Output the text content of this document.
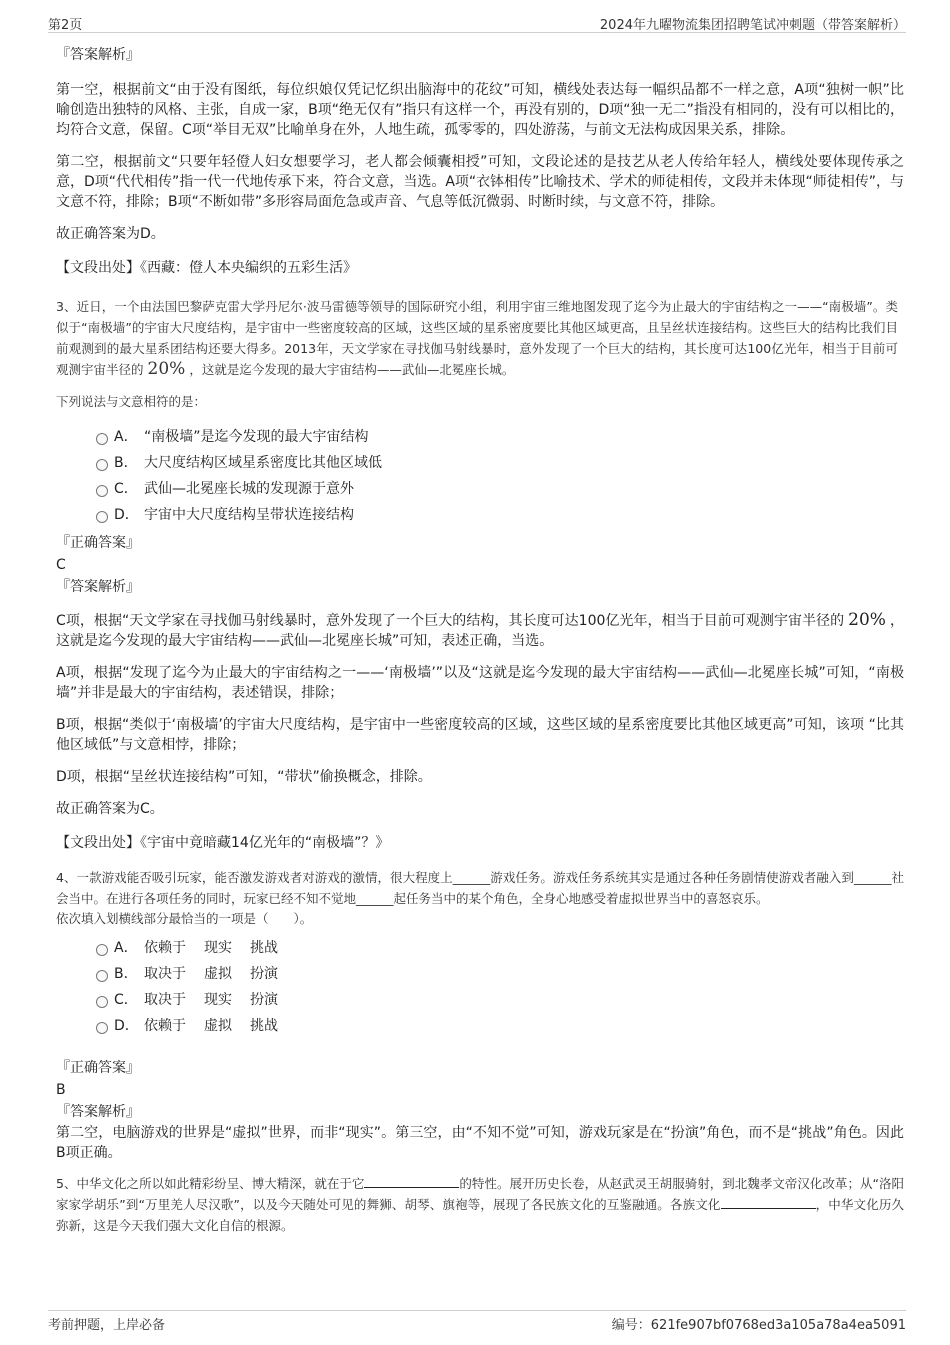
第2页	2024年九曜物流集团招聘笔试冲刺题（带答案解析）

『答案解析』

第一空，根据前文“由于没有图纸，每位织娘仅凭记忆织出脑海中的花纹”可知，横线处表达每一幅织品都不一样之意，A项“独树一帜”比喻创造出独特的风格、主张，自成一家，B项“绝无仅有”指只有这样一个，再没有别的，D项“独一无二”指没有相同的，没有可以相比的，均符合文意，保留。C项“举目无双”比喻单身在外，人地生疏，孤零零的，四处游荡，与前文无法构成因果关系，排除。

第二空，根据前文“只要年轻僜人妇女想要学习，老人都会倾囊相授”可知，文段论述的是技艺从老人传给年轻人，横线处要体现传承之意，D项“代代相传”指一代一代地传承下来，符合文意，当选。A项“衣钵相传”比喻技术、学术的师徒相传，文段并未体现“师徒相传”，与文意不符，排除；B项“不断如带”多形容局面危急或声音、气息等低沉微弱、时断时续，与文意不符，排除。

故正确答案为D。

【文段出处】《西藏：僜人本央编织的五彩生活》

3、近日，一个由法国巴黎萨克雷大学丹尼尔·波马雷德等领导的国际研究小组，利用宇宙三维地图发现了迄今为止最大的宇宙结构之一——“南极墙”。类似于“南极墙”的宇宙大尺度结构，是宇宙中一些密度较高的区域，这些区域的星系密度要比其他区域更高，且呈丝状连接结构。这些巨大的结构比我们目前观测到的最大星系团结构还要大得多。2013年，天文学家在寻找伽马射线暴时，意外发现了一个巨大的结构，其长度可达100亿光年，相当于目前可观测宇宙半径的 20% ，这就是迄今发现的最大宇宙结构——武仙—北冕座长城。

下列说法与文意相符的是：

A． “南极墙”是迄今发现的最大宇宙结构
B． 大尺度结构区域星系密度比其他区域低
C． 武仙—北冕座长城的发现源于意外
D． 宇宙中大尺度结构呈带状连接结构

『正确答案』

C

『答案解析』

C项，根据“天文学家在寻找伽马射线暴时，意外发现了一个巨大的结构，其长度可达100亿光年，相当于目前可观测宇宙半径的 20% ，这就是迄今发现的最大宇宙结构——武仙—北冕座长城”可知，表述正确，当选。

A项，根据“发现了迄今为止最大的宇宙结构之一——‘南极墙’”以及“这就是迄今发现的最大宇宙结构——武仙—北冕座长城”可知，“南极墙”并非是最大的宇宙结构，表述错误，排除；

B项，根据“类似于‘南极墙’的宇宙大尺度结构，是宇宙中一些密度较高的区域，这些区域的星系密度要比其他区域更高”可知，该项 “比其他区域低”与文意相悖，排除；

D项，根据“呈丝状连接结构”可知，“带状”偷换概念，排除。

故正确答案为C。

【文段出处】《宇宙中竟暗藏14亿光年的“南极墙”？》

4、一款游戏能否吸引玩家，能否激发游戏者对游戏的激情，很大程度上______游戏任务。游戏任务系统其实是通过各种任务剧情使游戏者融入到______社会当中。在进行各项任务的同时，玩家已经不知不觉地______起任务当中的某个角色，全身心地感受着虚拟世界当中的喜怒哀乐。

依次填入划横线部分最恰当的一项是（　　）。

A． 依赖于 现实 挑战
B． 取决于 虚拟 扮演
C． 取决于 现实 扮演
D． 依赖于 虚拟 挑战

『正确答案』

B

『答案解析』

第二空，电脑游戏的世界是“虚拟”世界，而非“现实”。第三空，由“不知不觉”可知，游戏玩家是在“扮演”角色，而不是“挑战”角色。因此B项正确。

5、中华文化之所以如此精彩纷呈、博大精深，就在于它	的特性。展开历史长卷，从赵武灵王胡服骑射，到北魏孝文帝汉化改革；从“洛阳家家学胡乐”到“万里羌人尽汉歌”，以及今天随处可见的舞狮、胡琴、旗袍等，展现了各民族文化的互鉴融通。各族文化	，中华文化历久弥新，这是今天我们强大文化自信的根源。

考前押题，上岸必备	编号：621fe907bf0768ed3a105a78a4ea5091
